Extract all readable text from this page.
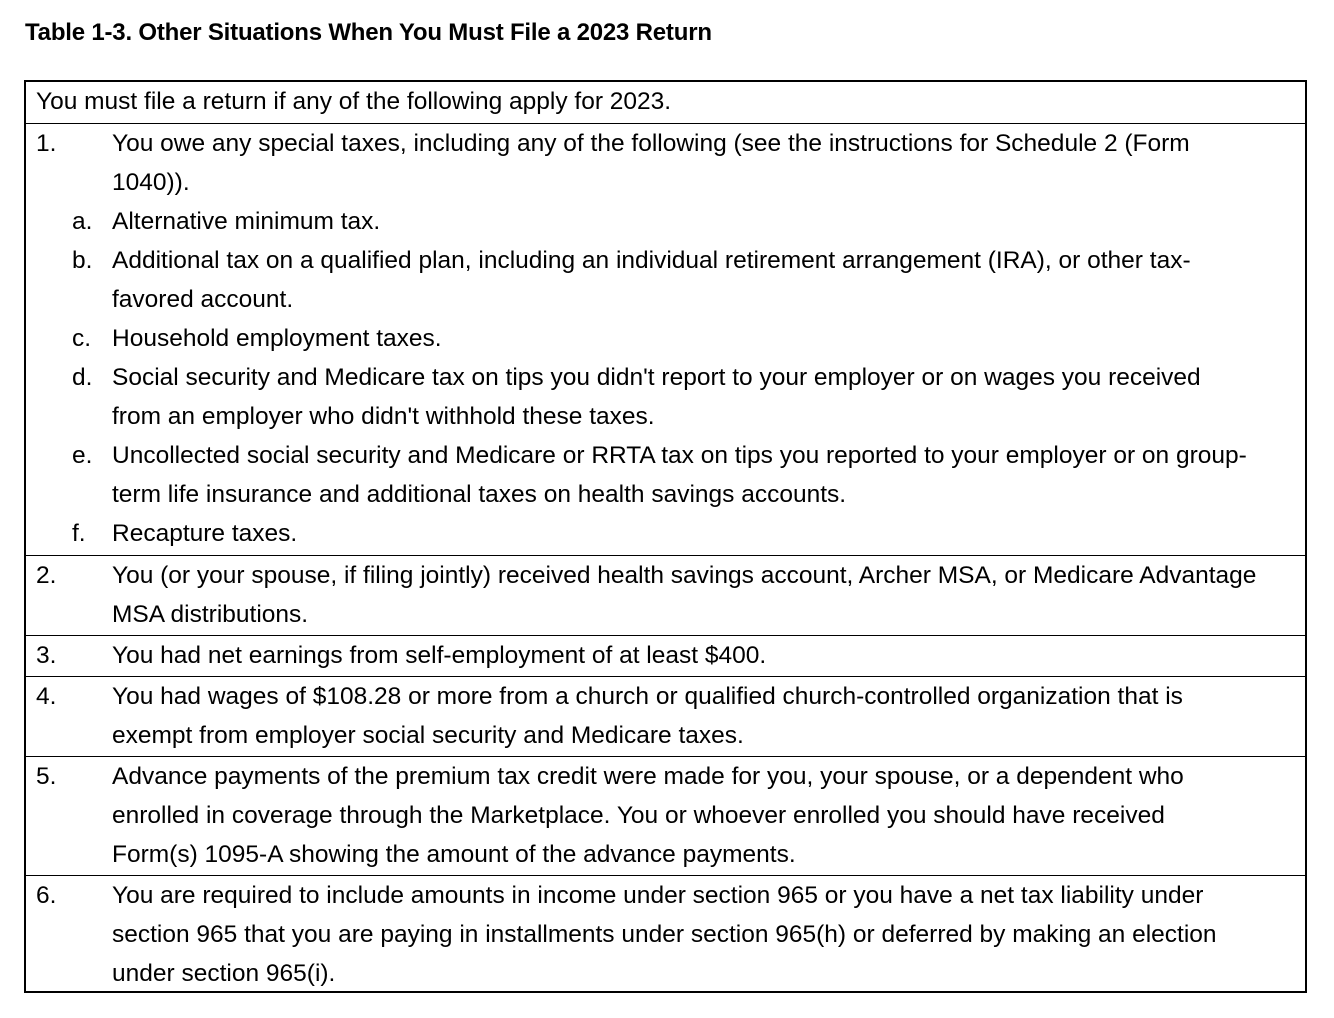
Table 1-3. Other Situations When You Must File a 2023 Return
You must file a return if any of the following apply for 2023.
1. You owe any special taxes, including any of the following (see the instructions for Schedule 2 (Form
1040)).
a. Alternative minimum tax.
b. Additional tax on a qualified plan, including an individual retirement arrangement (IRA), or other tax-
favored account.
c. Household employment taxes.
d. Social security and Medicare tax on tips you didn't report to your employer or on wages you received
from an employer who didn't withhold these taxes.
e. Uncollected social security and Medicare or RRTA tax on tips you reported to your employer or on group-
term life insurance and additional taxes on health savings accounts.
f. Recapture taxes.
2. You (or your spouse, if filing jointly) received health savings account, Archer MSA, or Medicare Advantage
MSA distributions.
3. You had net earnings from self-employment of at least $400.
4. You had wages of $108.28 or more from a church or qualified church-controlled organization that is
exempt from employer social security and Medicare taxes.
5. Advance payments of the premium tax credit were made for you, your spouse, or a dependent who
enrolled in coverage through the Marketplace. You or whoever enrolled you should have received
Form(s) 1095-A showing the amount of the advance payments.
6. You are required to include amounts in income under section 965 or you have a net tax liability under
section 965 that you are paying in installments under section 965(h) or deferred by making an election
under section 965(i).
